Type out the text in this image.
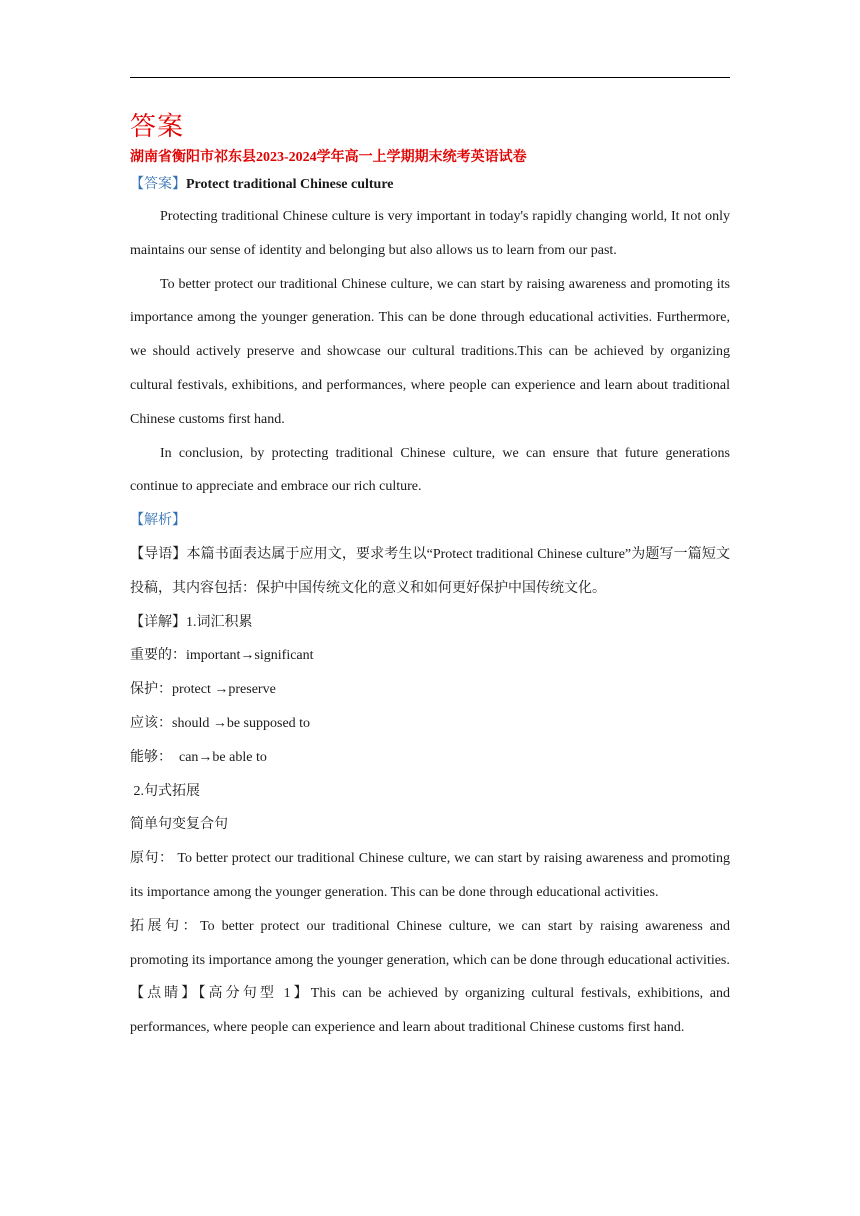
答案

湖南省衡阳市祁东县2023-2024学年高一上学期期末统考英语试卷

【答案】Protect traditional Chinese culture

Protecting traditional Chinese culture is very important in today's rapidly changing world, It not only maintains our sense of identity and belonging but also allows us to learn from our past.

To better protect our traditional Chinese culture, we can start by raising awareness and promoting its importance among the younger generation. This can be done through educational activities. Furthermore, we should actively preserve and showcase our cultural traditions.This can be achieved by organizing cultural festivals, exhibitions, and performances, where people can experience and learn about traditional Chinese customs first hand.

In conclusion, by protecting traditional Chinese culture, we can ensure that future generations continue to appreciate and embrace our rich culture.

【解析】

【导语】本篇书面表达属于应用文，要求考生以“Protect traditional Chinese culture”为题写一篇短文投稿，其内容包括：保护中国传统文化的意义和如何更好保护中国传统文化。

【详解】1.词汇积累

重要的：important→significant

保护：protect →preserve

应该：should →be supposed to

能够：  can→be able to

2.句式拓展

简单句变复合句

原句： To better protect our traditional Chinese culture, we can start by raising awareness and promoting its importance among the younger generation. This can be done through educational activities.

拓展句：To better protect our traditional Chinese culture, we can start by raising awareness and promoting its importance among the younger generation, which can be done through educational activities.

【点睛】【高分句型 1】This can be achieved by organizing cultural festivals, exhibitions, and performances, where people can experience and learn about traditional Chinese customs first hand.
